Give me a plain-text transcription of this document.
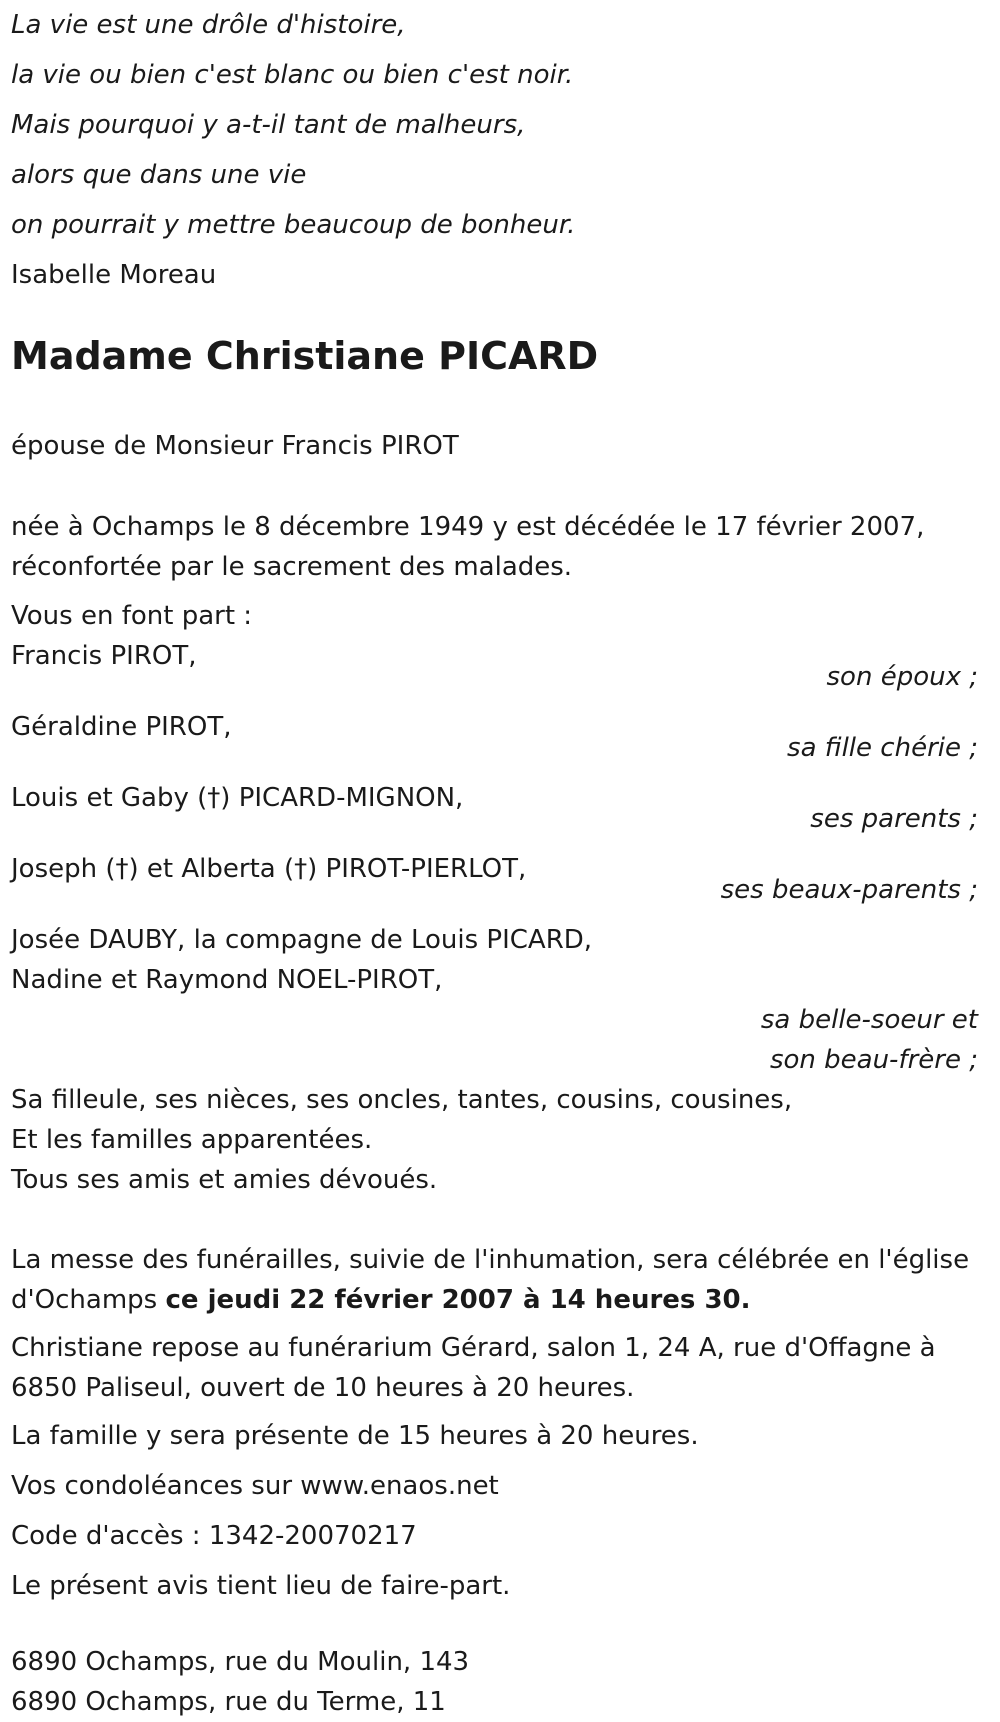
La vie est une drôle d'histoire,
la vie ou bien c'est blanc ou bien c'est noir.
Mais pourquoi y a-t-il tant de malheurs,
alors que dans une vie
on pourrait y mettre beaucoup de bonheur.
Isabelle Moreau
Madame Christiane PICARD
épouse de Monsieur Francis PIROT
née à Ochamps le 8 décembre 1949 y est décédée le 17 février 2007,
réconfortée par le sacrement des malades.
Vous en font part :
Francis PIROT,
son époux ;
Géraldine PIROT,
sa fille chérie ;
Louis et Gaby (†) PICARD-MIGNON,
ses parents ;
Joseph (†) et Alberta (†) PIROT-PIERLOT,
ses beaux-parents ;
Josée DAUBY, la compagne de Louis PICARD,
Nadine et Raymond NOEL-PIROT,
sa belle-soeur et
son beau-frère ;
Sa filleule, ses nièces, ses oncles, tantes, cousins, cousines,
Et les familles apparentées.
Tous ses amis et amies dévoués.
La messe des funérailles, suivie de l'inhumation, sera célébrée en l'église
d'Ochamps ce jeudi 22 février 2007 à 14 heures 30.
Christiane repose au funérarium Gérard, salon 1, 24 A, rue d'Offagne à
6850 Paliseul, ouvert de 10 heures à 20 heures.
La famille y sera présente de 15 heures à 20 heures.
Vos condoléances sur www.enaos.net
Code d'accès : 1342-20070217
Le présent avis tient lieu de faire-part.
6890 Ochamps, rue du Moulin, 143
6890 Ochamps, rue du Terme, 11
